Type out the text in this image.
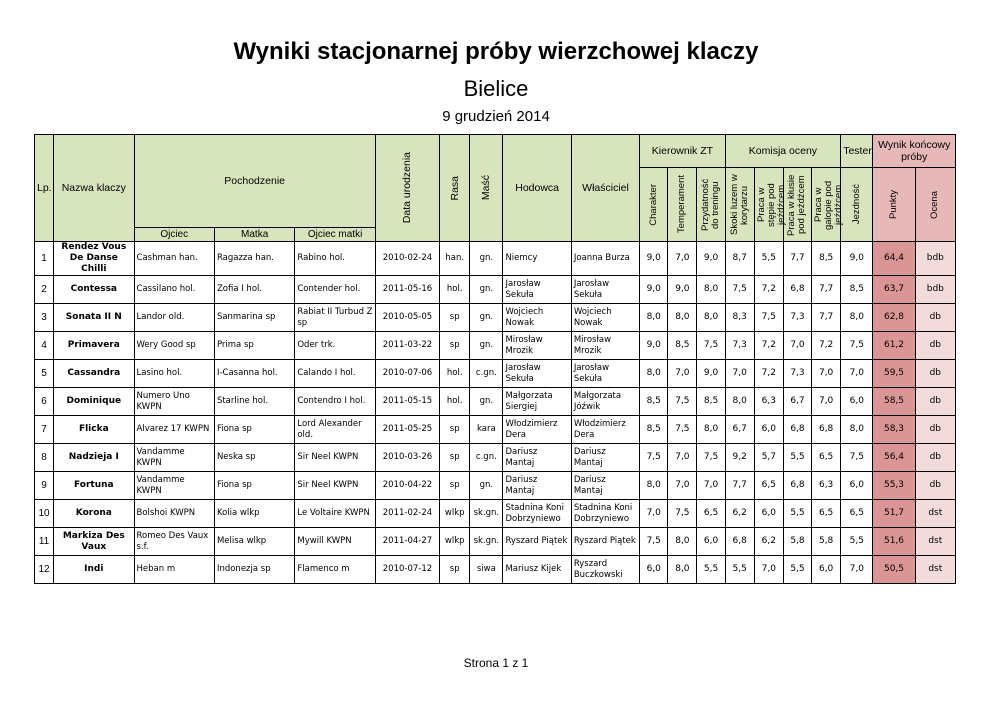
Wyniki stacjonarnej próby wierzchowej klaczy
Bielice
9 grudzień 2014
Lp.	Nazwa klaczy	Pochodzenie			Data urodzenia	Rasa	Maść	Hodowca	Właściciel	Kierownik ZT			Komisja oceny				Tester	Wynik końcowy próby	

										Charakter	Temperament	Przydatność do treningu	Skoki luzem w korytarzu	Praca w stępie pod jeźdźcem	Praca w kłusie pod jeźdźcem	Praca w galopie pod jeźdźcem	Jezdność	Punkty	Ocena

		Ojciec	Matka	Ojciec matki															
1	Rendez Vous De Danse Chilli	Cashman han.	Ragazza han.	Rabino hol.	2010-02-24	han.	gn.	Niemcy	Joanna Burza	9,0	7,0	9,0	8,7	5,5	7,7	8,5	9,0	64,4	bdb
2	Contessa	Cassilano hol.	Zofia I hol.	Contender hol.	2011-05-16	hol.	gn.	Jarosław Sekuła	Jarosław Sekuła	9,0	9,0	8,0	7,5	7,2	6,8	7,7	8,5	63,7	bdb
3	Sonata II N	Landor old.	Sanmarina sp	Rabiat II Turbud Z sp	2010-05-05	sp	gn.	Wojciech Nowak	Wojciech Nowak	8,0	8,0	8,0	8,3	7,5	7,3	7,7	8,0	62,8	db
4	Primavera	Wery Good sp	Prima sp	Oder trk.	2011-03-22	sp	gn.	Mirosław Mrozik	Mirosław Mrozik	9,0	8,5	7,5	7,3	7,2	7,0	7,2	7,5	61,2	db
5	Cassandra	Lasino hol.	I-Casanna hol.	Calando I hol.	2010-07-06	hol.	c.gn.	Jarosław Sekuła	Jarosław Sekuła	8,0	7,0	9,0	7,0	7,2	7,3	7,0	7,0	59,5	db
6	Dominique	Numero Uno KWPN	Starline hol.	Contendro I hol.	2011-05-15	hol.	gn.	Małgorzata Siergiej	Małgorzata Jóźwik	8,5	7,5	8,5	8,0	6,3	6,7	7,0	6,0	58,5	db
7	Flicka	Alvarez 17 KWPN	Fiona sp	Lord Alexander old.	2011-05-25	sp	kara	Włodzimierz Dera	Włodzimierz Dera	8,5	7,5	8,0	6,7	6,0	6,8	6,8	8,0	58,3	db
8	Nadzieja I	Vandamme KWPN	Neska sp	Sir Neel KWPN	2010-03-26	sp	c.gn.	Dariusz Mantaj	Dariusz Mantaj	7,5	7,0	7,5	9,2	5,7	5,5	6,5	7,5	56,4	db
9	Fortuna	Vandamme KWPN	Fiona sp	Sir Neel KWPN	2010-04-22	sp	gn.	Dariusz Mantaj	Dariusz Mantaj	8,0	7,0	7,0	7,7	6,5	6,8	6,3	6,0	55,3	db
10	Korona	Bolshoi KWPN	Kolia wlkp	Le Voltaire KWPN	2011-02-24	wlkp	sk.gn.	Stadnina Koni Dobrzyniewo	Stadnina Koni Dobrzyniewo	7,0	7,5	6,5	6,2	6,0	5,5	6,5	6,5	51,7	dst
11	Markiza Des Vaux	Romeo Des Vaux s.f.	Melisa wlkp	Mywill KWPN	2011-04-27	wlkp	sk.gn.	Ryszard Piątek	Ryszard Piątek	7,5	8,0	6,0	6,8	6,2	5,8	5,8	5,5	51,6	dst
12	Indi	Heban m	Indonezja sp	Flamenco m	2010-07-12	sp	siwa	Mariusz Kijek	Ryszard Buczkowski	6,0	8,0	5,5	5,5	7,0	5,5	6,0	7,0	50,5	dst
Strona 1 z 1
